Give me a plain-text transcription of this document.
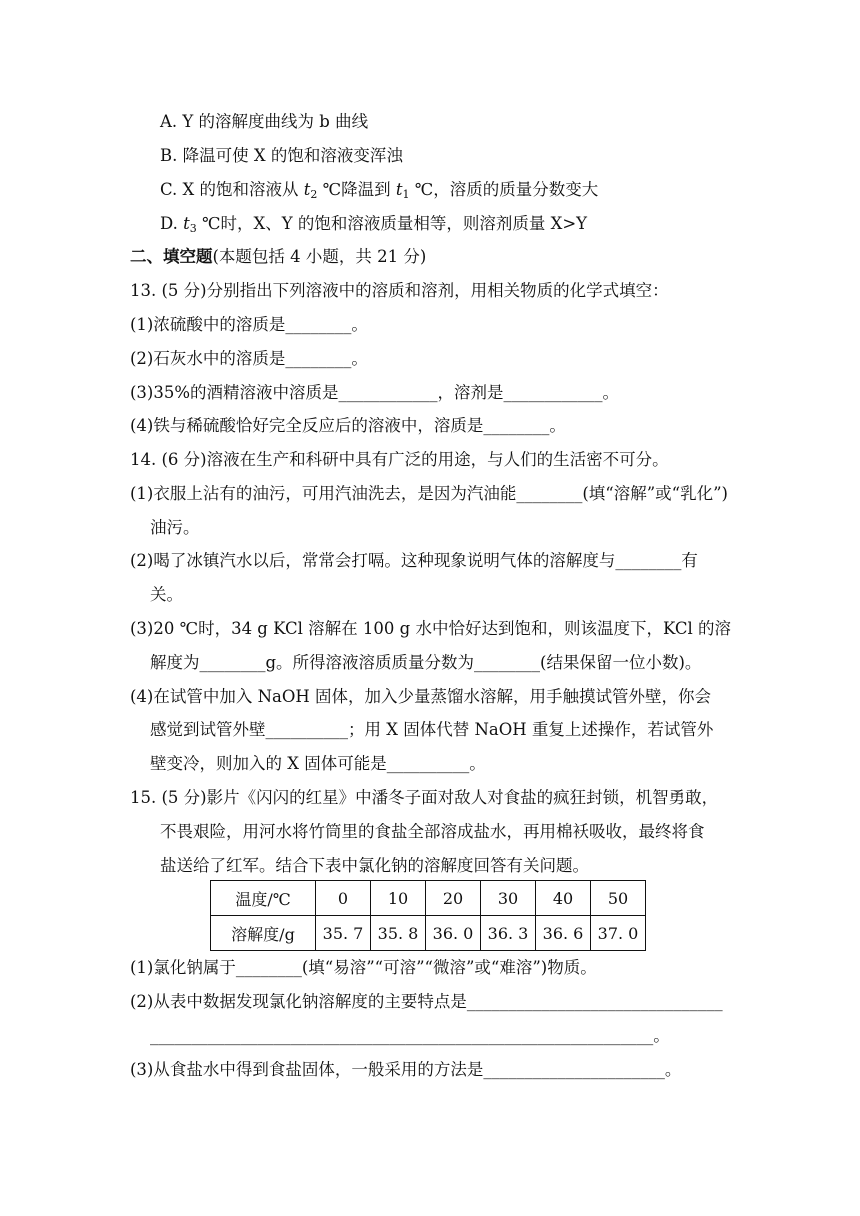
A. Y 的溶解度曲线为 b 曲线
B. 降温可使 X 的饱和溶液变浑浊
C. X 的饱和溶液从 $t_2$ ℃降温到 $t_1$ ℃，溶质的质量分数变大
D. $t_3$ ℃时，X、Y 的饱和溶液质量相等，则溶剂质量 X>Y
二、填空题(本题包括 4 小题，共 21 分)
13. (5 分)分别指出下列溶液中的溶质和溶剂，用相关物质的化学式填空：
(1)浓硫酸中的溶质是________。
(2)石灰水中的溶质是________。
(3)35%的酒精溶液中溶质是____________，溶剂是____________。
(4)铁与稀硫酸恰好完全反应后的溶液中，溶质是________。
14. (6 分)溶液在生产和科研中具有广泛的用途，与人们的生活密不可分。
(1)衣服上沾有的油污，可用汽油洗去，是因为汽油能________(填“溶解”或“乳化”)
油污。
(2)喝了冰镇汽水以后，常常会打嗝。这种现象说明气体的溶解度与________有
关。
(3)20 ℃时，34 g KCl 溶解在 100 g 水中恰好达到饱和，则该温度下，KCl 的溶
解度为________g。所得溶液溶质质量分数为________(结果保留一位小数)。
(4)在试管中加入 NaOH 固体，加入少量蒸馏水溶解，用手触摸试管外壁，你会
感觉到试管外壁__________；用 X 固体代替 NaOH 重复上述操作，若试管外
壁变冷，则加入的 X 固体可能是__________。
15. (5 分)影片《闪闪的红星》中潘冬子面对敌人对食盐的疯狂封锁，机智勇敢，
不畏艰险，用河水将竹筒里的食盐全部溶成盐水，再用棉袄吸收，最终将食
盐送给了红军。结合下表中氯化钠的溶解度回答有关问题。
温度/℃	0	10	20	30	40	50
溶解度/g	35. 7	35. 8	36. 0	36. 3	36. 6	37. 0
(1)氯化钠属于________(填“易溶”“可溶”“微溶”或“难溶”)物质。
(2)从表中数据发现氯化钠溶解度的主要特点是_______________________________
_____________________________________________________________。
(3)从食盐水中得到食盐固体，一般采用的方法是______________________。
